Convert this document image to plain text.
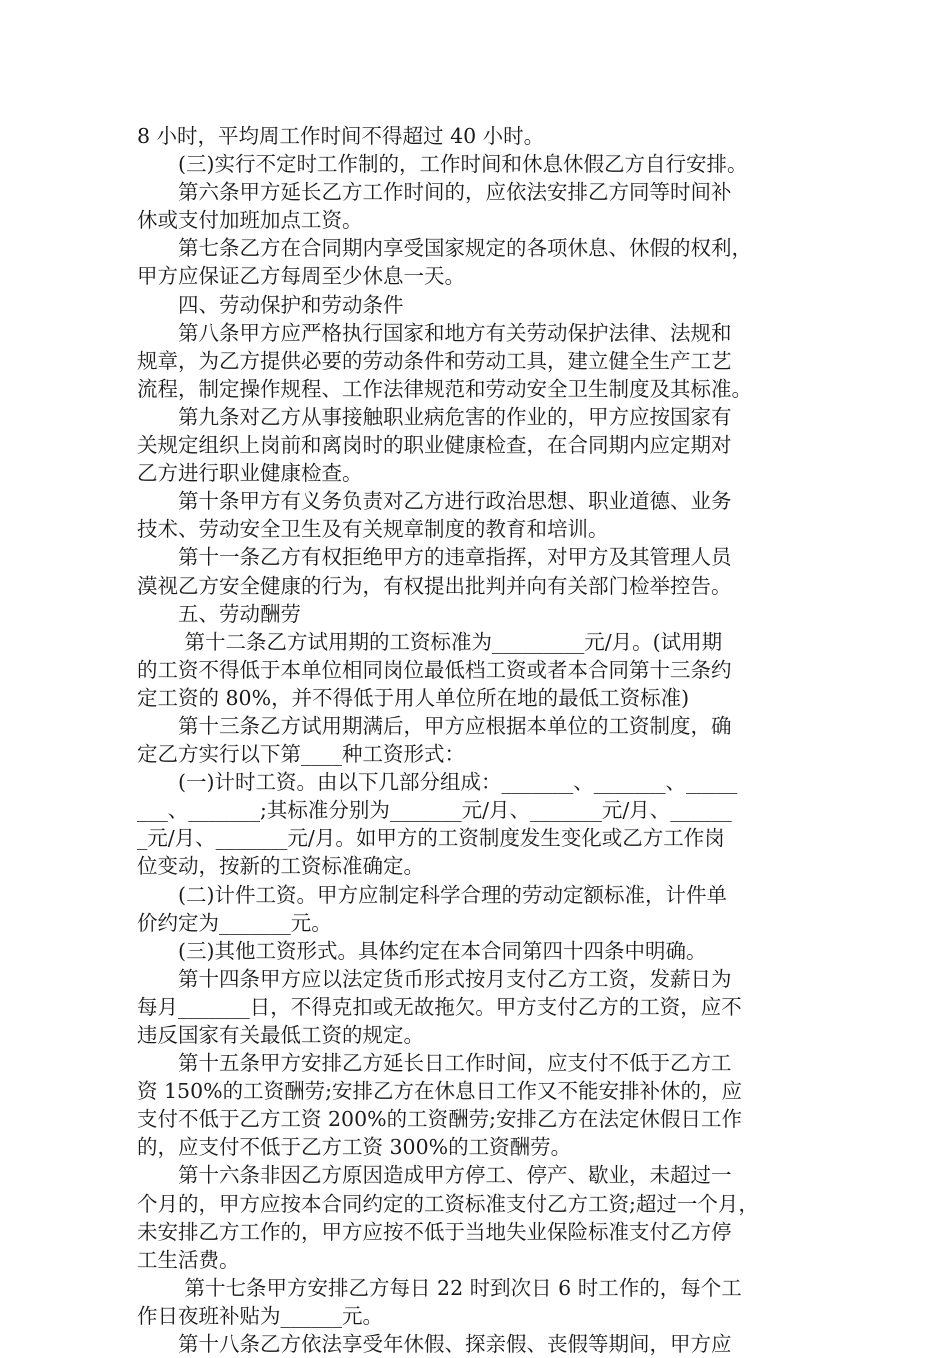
8 小时，平均周工作时间不得超过 40 小时。
　　(三)实行不定时工作制的，工作时间和休息休假乙方自行安排。
　　第六条甲方延长乙方工作时间的，应依法安排乙方同等时间补
休或支付加班加点工资。
　　第七条乙方在合同期内享受国家规定的各项休息、休假的权利，
甲方应保证乙方每周至少休息一天。
　　四、劳动保护和劳动条件
　　第八条甲方应严格执行国家和地方有关劳动保护法律、法规和
规章，为乙方提供必要的劳动条件和劳动工具，建立健全生产工艺
流程，制定操作规程、工作法律规范和劳动安全卫生制度及其标准。
　　第九条对乙方从事接触职业病危害的作业的，甲方应按国家有
关规定组织上岗前和离岗时的职业健康检查，在合同期内应定期对
乙方进行职业健康检查。
　　第十条甲方有义务负责对乙方进行政治思想、职业道德、业务
技术、劳动安全卫生及有关规章制度的教育和培训。
　　第十一条乙方有权拒绝甲方的违章指挥，对甲方及其管理人员
漠视乙方安全健康的行为，有权提出批判并向有关部门检举控告。
　　五、劳动酬劳
　　 第十二条乙方试用期的工资标准为_________元/月。(试用期
的工资不得低于本单位相同岗位最低档工资或者本合同第十三条约
定工资的 80%，并不得低于用人单位所在地的最低工资标准)
　　第十三条乙方试用期满后，甲方应根据本单位的工资制度，确
定乙方实行以下第____种工资形式：
　　(一)计时工资。由以下几部分组成：_______、_______、_____
___、_______;其标准分别为_______元/月、_______元/月、______
_元/月、_______元/月。如甲方的工资制度发生变化或乙方工作岗
位变动，按新的工资标准确定。
　　(二)计件工资。甲方应制定科学合理的劳动定额标准，计件单
价约定为_______元。
　　(三)其他工资形式。具体约定在本合同第四十四条中明确。
　　第十四条甲方应以法定货币形式按月支付乙方工资，发薪日为
每月_______日，不得克扣或无故拖欠。甲方支付乙方的工资，应不
违反国家有关最低工资的规定。
　　第十五条甲方安排乙方延长日工作时间，应支付不低于乙方工
资 150%的工资酬劳;安排乙方在休息日工作又不能安排补休的，应
支付不低于乙方工资 200%的工资酬劳;安排乙方在法定休假日工作
的，应支付不低于乙方工资 300%的工资酬劳。
　　第十六条非因乙方原因造成甲方停工、停产、歇业，未超过一
个月的，甲方应按本合同约定的工资标准支付乙方工资;超过一个月，
未安排乙方工作的，甲方应按不低于当地失业保险标准支付乙方停
工生活费。
　　 第十七条甲方安排乙方每日 22 时到次日 6 时工作的，每个工
作日夜班补贴为______元。
　　第十八条乙方依法享受年休假、探亲假、丧假等期间，甲方应
